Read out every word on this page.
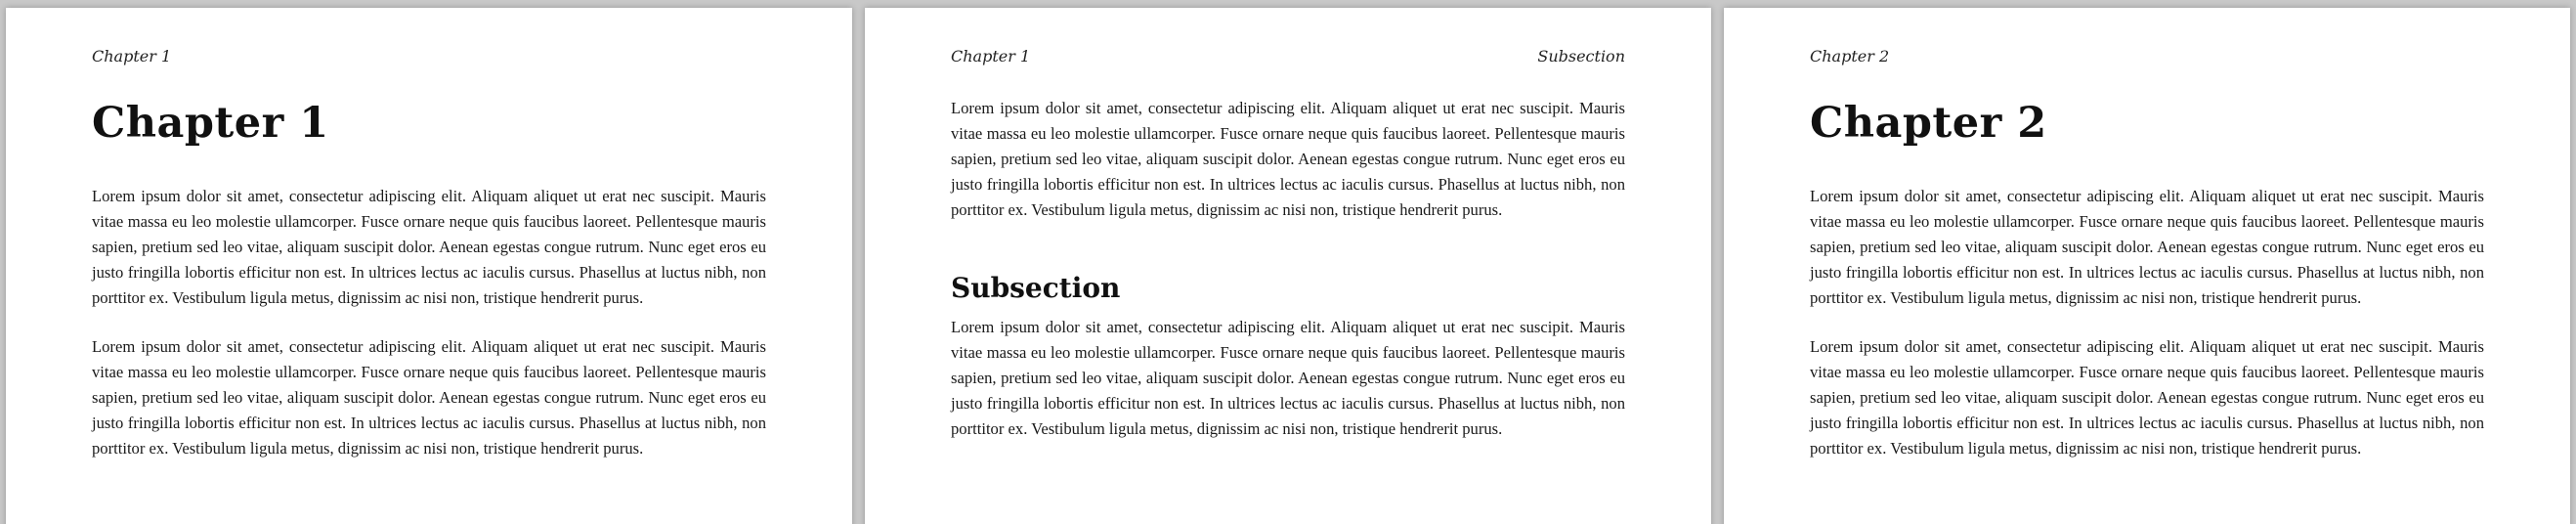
Chapter 1
Chapter 1

Lorem ipsum dolor sit amet, consectetur adipiscing elit. Aliquam aliquet ut erat nec suscipit. Mauris vitae massa eu leo molestie ullamcorper. Fusce ornare neque quis faucibus laoreet. Pellentesque mauris sapien, pretium sed leo vitae, aliquam suscipit dolor. Aenean egestas congue rutrum. Nunc eget eros eu justo fringilla lobortis efficitur non est. In ultrices lectus ac iaculis cursus. Phasellus at luctus nibh, non porttitor ex. Vestibulum ligula metus, dignissim ac nisi non, tristique hendrerit purus.

Lorem ipsum dolor sit amet, consectetur adipiscing elit. Aliquam aliquet ut erat nec suscipit. Mauris vitae massa eu leo molestie ullamcorper. Fusce ornare neque quis faucibus laoreet. Pellentesque mauris sapien, pretium sed leo vitae, aliquam suscipit dolor. Aenean egestas congue rutrum. Nunc eget eros eu justo fringilla lobortis efficitur non est. In ultrices lectus ac iaculis cursus. Phasellus at luctus nibh, non porttitor ex. Vestibulum ligula metus, dignissim ac nisi non, tristique hendrerit purus.

Chapter 1	Subsection

Lorem ipsum dolor sit amet, consectetur adipiscing elit. Aliquam aliquet ut erat nec suscipit. Mauris vitae massa eu leo molestie ullamcorper. Fusce ornare neque quis faucibus laoreet. Pellentesque mauris sapien, pretium sed leo vitae, aliquam suscipit dolor. Aenean egestas congue rutrum. Nunc eget eros eu justo fringilla lobortis efficitur non est. In ultrices lectus ac iaculis cursus. Phasellus at luctus nibh, non porttitor ex. Vestibulum ligula metus, dignissim ac nisi non, tristique hendrerit purus.

Subsection

Lorem ipsum dolor sit amet, consectetur adipiscing elit. Aliquam aliquet ut erat nec suscipit. Mauris vitae massa eu leo molestie ullamcorper. Fusce ornare neque quis faucibus laoreet. Pellentesque mauris sapien, pretium sed leo vitae, aliquam suscipit dolor. Aenean egestas congue rutrum. Nunc eget eros eu justo fringilla lobortis efficitur non est. In ultrices lectus ac iaculis cursus. Phasellus at luctus nibh, non porttitor ex. Vestibulum ligula metus, dignissim ac nisi non, tristique hendrerit purus.

Chapter 2
Chapter 2

Lorem ipsum dolor sit amet, consectetur adipiscing elit. Aliquam aliquet ut erat nec suscipit. Mauris vitae massa eu leo molestie ullamcorper. Fusce ornare neque quis faucibus laoreet. Pellentesque mauris sapien, pretium sed leo vitae, aliquam suscipit dolor. Aenean egestas congue rutrum. Nunc eget eros eu justo fringilla lobortis efficitur non est. In ultrices lectus ac iaculis cursus. Phasellus at luctus nibh, non porttitor ex. Vestibulum ligula metus, dignissim ac nisi non, tristique hendrerit purus.

Lorem ipsum dolor sit amet, consectetur adipiscing elit. Aliquam aliquet ut erat nec suscipit. Mauris vitae massa eu leo molestie ullamcorper. Fusce ornare neque quis faucibus laoreet. Pellentesque mauris sapien, pretium sed leo vitae, aliquam suscipit dolor. Aenean egestas congue rutrum. Nunc eget eros eu justo fringilla lobortis efficitur non est. In ultrices lectus ac iaculis cursus. Phasellus at luctus nibh, non porttitor ex. Vestibulum ligula metus, dignissim ac nisi non, tristique hendrerit purus.
